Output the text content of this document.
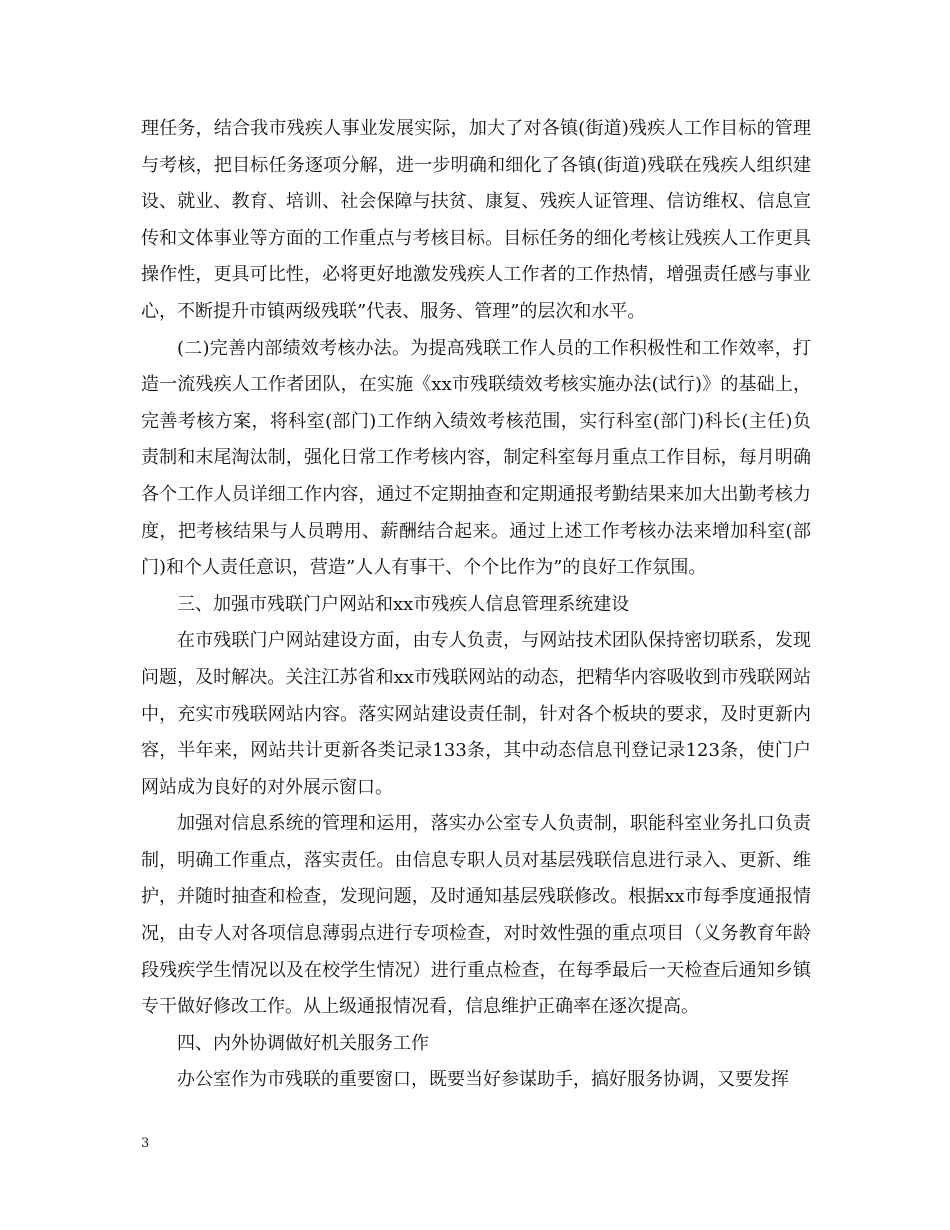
理任务，结合我市残疾人事业发展实际，加大了对各镇(街道)残疾人工作目标的管理与考核，把目标任务逐项分解，进一步明确和细化了各镇(街道)残联在残疾人组织建设、就业、教育、培训、社会保障与扶贫、康复、残疾人证管理、信访维权、信息宣传和文体事业等方面的工作重点与考核目标。目标任务的细化考核让残疾人工作更具操作性，更具可比性，必将更好地激发残疾人工作者的工作热情，增强责任感与事业心，不断提升市镇两级残联”代表、服务、管理”的层次和水平。

(二)完善内部绩效考核办法。为提高残联工作人员的工作积极性和工作效率，打造一流残疾人工作者团队，在实施《xx市残联绩效考核实施办法(试行)》的基础上，完善考核方案，将科室(部门)工作纳入绩效考核范围，实行科室(部门)科长(主任)负责制和末尾淘汰制，强化日常工作考核内容，制定科室每月重点工作目标，每月明确各个工作人员详细工作内容，通过不定期抽查和定期通报考勤结果来加大出勤考核力度，把考核结果与人员聘用、薪酬结合起来。通过上述工作考核办法来增加科室(部门)和个人责任意识，营造”人人有事干、个个比作为”的良好工作氛围。

三、加强市残联门户网站和xx市残疾人信息管理系统建设

在市残联门户网站建设方面，由专人负责，与网站技术团队保持密切联系，发现问题，及时解决。关注江苏省和xx市残联网站的动态，把精华内容吸收到市残联网站中，充实市残联网站内容。落实网站建设责任制，针对各个板块的要求，及时更新内容，半年来，网站共计更新各类记录133条，其中动态信息刊登记录123条，使门户网站成为良好的对外展示窗口。

加强对信息系统的管理和运用，落实办公室专人负责制，职能科室业务扎口负责制，明确工作重点，落实责任。由信息专职人员对基层残联信息进行录入、更新、维护，并随时抽查和检查，发现问题，及时通知基层残联修改。根据xx市每季度通报情况，由专人对各项信息薄弱点进行专项检查，对时效性强的重点项目（义务教育年龄段残疾学生情况以及在校学生情况）进行重点检查，在每季最后一天检查后通知乡镇专干做好修改工作。从上级通报情况看，信息维护正确率在逐次提高。

四、内外协调做好机关服务工作

办公室作为市残联的重要窗口，既要当好参谋助手，搞好服务协调，又要发挥

3
